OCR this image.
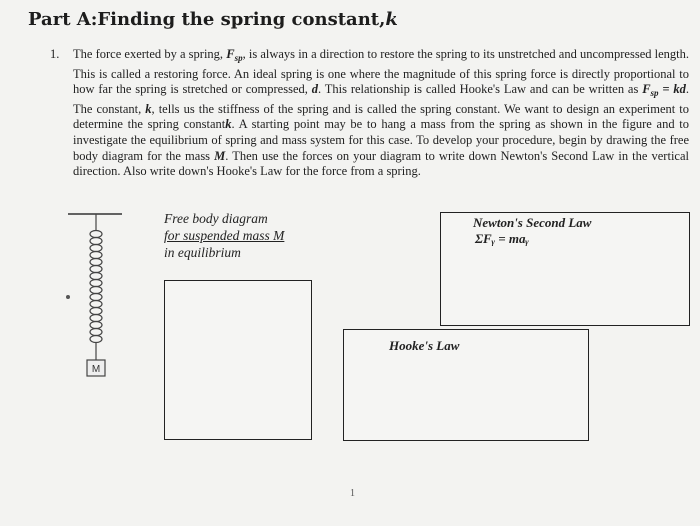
Part A:Finding the spring constant,k
1. The force exerted by a spring, $F_{sp}$, is always in a direction to restore the spring to its unstretched and uncompressed length. This is called a restoring force. An ideal spring is one where the magnitude of this spring force is directly proportional to how far the spring is stretched or compressed, d. This relationship is called Hooke's Law and can be written as $F_{sp}$ = kd. The constant, k, tells us the stiffness of the spring and is called the spring constant. We want to design an experiment to determine the spring constantk. A starting point may be to hang a mass from the spring as shown in the figure and to investigate the equilibrium of spring and mass system for this case. To develop your procedure, begin by drawing the free body diagram for the mass M. Then use the forces on your diagram to write down Newton's Second Law in the vertical direction. Also write down's Hooke's Law for the force from a spring.
M
Free body diagram
for suspended mass M
in equilibrium
Newton's Second Law
ΣFᵧ = maᵧ
Hooke's Law
1
